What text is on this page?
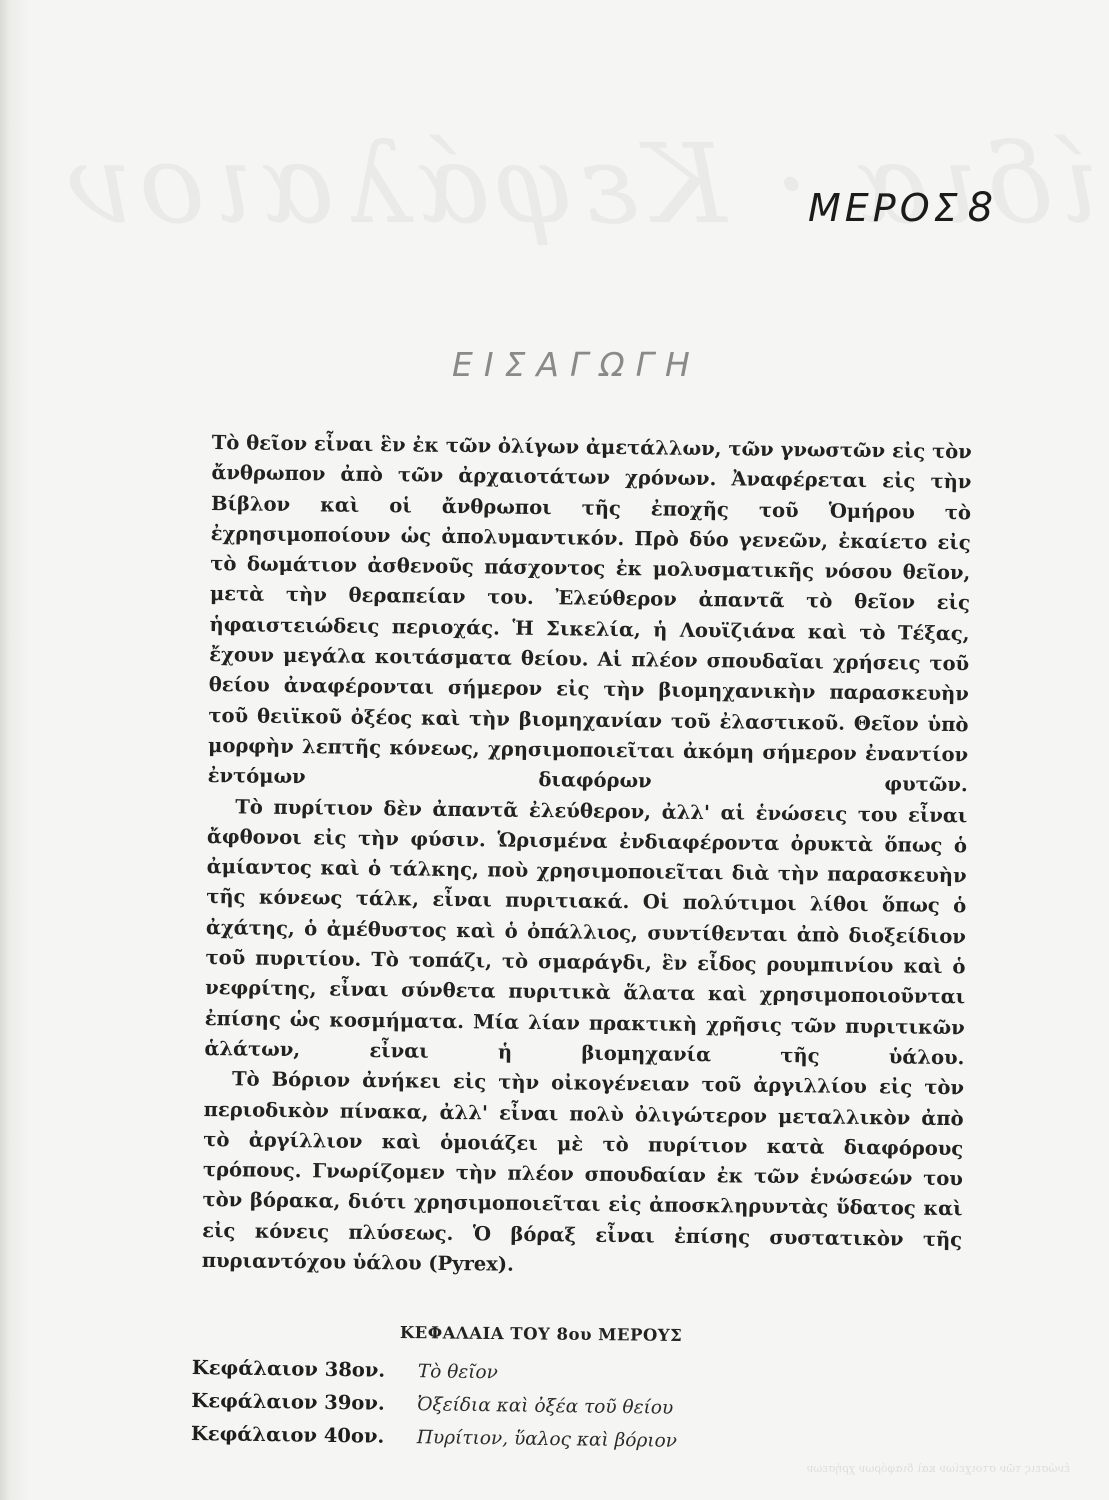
ΜΕΡΟΣ 8
ΕΙΣΑΓΩΓΗ

Τὸ θεῖον εἶναι ἓν ἐκ τῶν ὀλίγων ἀμετάλλων, τῶν γνωστῶν εἰς τὸν ἄνθρωπον ἀπὸ τῶν ἀρχαιοτάτων χρόνων. Ἀναφέρεται εἰς τὴν Βίβλον καὶ οἱ ἄνθρωποι τῆς ἐποχῆς τοῦ Ὁμήρου τὸ ἐχρησιμοποίουν ὡς ἀπολυμαντικόν. Πρὸ δύο γενεῶν, ἐκαίετο εἰς τὸ δωμάτιον ἀσθενοῦς πάσχοντος ἐκ μολυσματικῆς νόσου θεῖον, μετὰ τὴν θεραπείαν του. Ἐλεύθερον ἀπαντᾶ τὸ θεῖον εἰς ἡφαιστειώδεις περιοχάς. Ἡ Σικελία, ἡ Λουϊζιάνα καὶ τὸ Τέξας, ἔχουν μεγάλα κοιτάσματα θείου. Αἱ πλέον σπουδαῖαι χρήσεις τοῦ θείου ἀναφέρονται σήμερον εἰς τὴν βιομηχανικὴν παρασκευὴν τοῦ θειϊκοῦ ὀξέος καὶ τὴν βιομηχανίαν τοῦ ἐλαστικοῦ. Θεῖον ὑπὸ μορφὴν λεπτῆς κόνεως, χρησιμοποιεῖται ἀκόμη σήμερον ἐναντίον ἐντόμων διαφόρων φυτῶν.

Τὸ πυρίτιον δὲν ἀπαντᾶ ἐλεύθερον, ἀλλ' αἱ ἑνώσεις του εἶναι ἄφθονοι εἰς τὴν φύσιν. Ὡρισμένα ἐνδιαφέροντα ὀρυκτὰ ὅπως ὁ ἀμίαντος καὶ ὁ τάλκης, ποὺ χρησιμοποιεῖται διὰ τὴν παρασκευὴν τῆς κόνεως τάλκ, εἶναι πυριτιακά. Οἱ πολύτιμοι λίθοι ὅπως ὁ ἀχάτης, ὁ ἀμέθυστος καὶ ὁ ὀπάλλιος, συντίθενται ἀπὸ διοξείδιον τοῦ πυριτίου. Τὸ τοπάζι, τὸ σμαράγδι, ἓν εἶδος ρουμπινίου καὶ ὁ νεφρίτης, εἶναι σύνθετα πυριτικὰ ἅλατα καὶ χρησιμοποιοῦνται ἐπίσης ὡς κοσμήματα. Μία λίαν πρακτικὴ χρῆσις τῶν πυριτικῶν ἁλάτων, εἶναι ἡ βιομηχανία τῆς ὑάλου.

Τὸ Βόριον ἀνήκει εἰς τὴν οἰκογένειαν τοῦ ἀργιλλίου εἰς τὸν περιοδικὸν πίνακα, ἀλλ' εἶναι πολὺ ὀλιγώτερον μεταλλικὸν ἀπὸ τὸ ἀργίλλιον καὶ ὁμοιάζει μὲ τὸ πυρίτιον κατὰ διαφόρους τρόπους. Γνωρίζομεν τὴν πλέον σπουδαίαν ἐκ τῶν ἑνώσεών του τὸν βόρακα, διότι χρησιμοποιεῖται εἰς ἀποσκληρυντὰς ὕδατος καὶ εἰς κόνεις πλύσεως. Ὁ βόραξ εἶναι ἐπίσης συστατικὸν τῆς πυριαντόχου ὑάλου (Pyrex).

ΚΕΦΑΛΑΙΑ ΤΟΥ 8ου ΜΕΡΟΥΣ
Κεφάλαιον 38ον.	Τὸ θεῖον
Κεφάλαιον 39ον.	Ὀξείδια καὶ ὀξέα τοῦ θείου
Κεφάλαιον 40ον.	Πυρίτιον, ὕαλος καὶ βόριον
ἑνώσεις τῶν στοιχείων καὶ διαφόρων χρήσεων
